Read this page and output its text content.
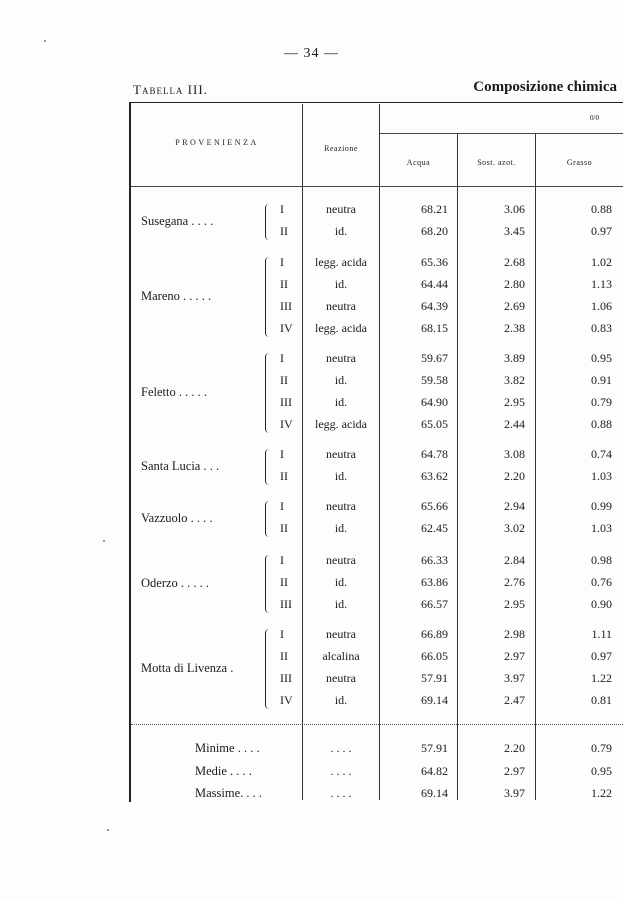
— 34 —
Tabella III.	Composizione chimica
PROVENIENZA
Reazione
0/0
Acqua	Sost. azot.	Grasso
Susegana . . . .
I	neutra	68.21	3.06	0.88
II	id.	68.20	3.45	0.97
Mareno . . . . .
I	legg. acida	65.36	2.68	1.02
II	id.	64.44	2.80	1.13
III	neutra	64.39	2.69	1.06
IV	legg. acida	68.15	2.38	0.83
Feletto . . . . .
I	neutra	59.67	3.89	0.95
II	id.	59.58	3.82	0.91
III	id.	64.90	2.95	0.79
IV	legg. acida	65.05	2.44	0.88
Santa Lucia . . .
I	neutra	64.78	3.08	0.74
II	id.	63.62	2.20	1.03
Vazzuolo . . . .
I	neutra	65.66	2.94	0.99
II	id.	62.45	3.02	1.03
Oderzo . . . . .
I	neutra	66.33	2.84	0.98
II	id.	63.86	2.76	0.76
III	id.	66.57	2.95	0.90
Motta di Livenza .
I	neutra	66.89	2.98	1.11
II	alcalina	66.05	2.97	0.97
III	neutra	57.91	3.97	1.22
IV	id.	69.14	2.47	0.81
Minime . . . .	. . . .	57.91	2.20	0.79
Medie . . . .	. . . .	64.82	2.97	0.95
Massime. . . .	. . . .	69.14	3.97	1.22
